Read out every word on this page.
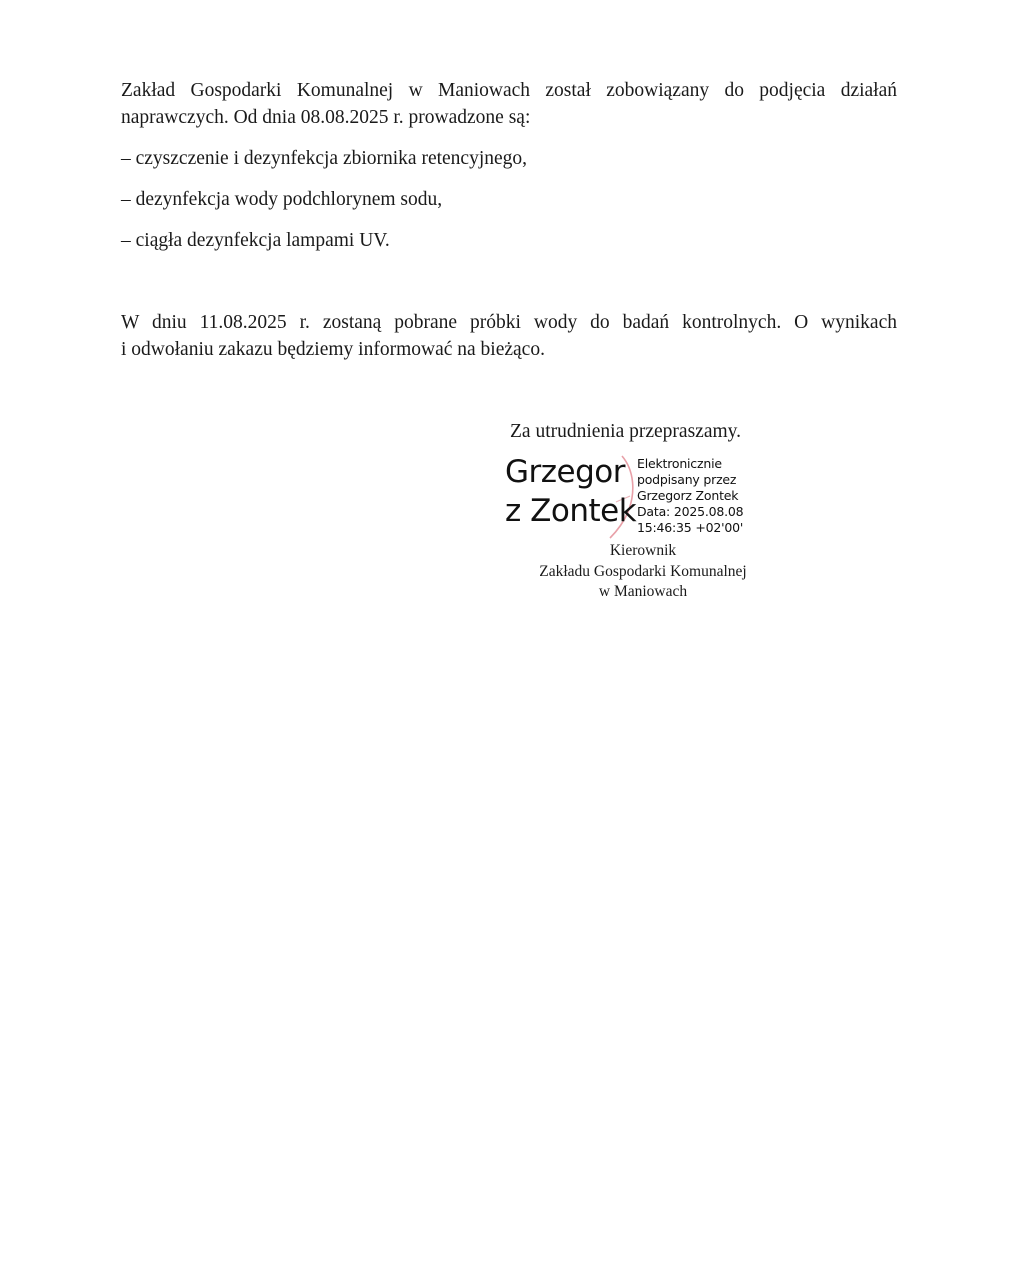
Zakład Gospodarki Komunalnej w Maniowach został zobowiązany do podjęcia działań
naprawczych. Od dnia 08.08.2025 r. prowadzone są:

– czyszczenie i dezynfekcja zbiornika retencyjnego,

– dezynfekcja wody podchlorynem sodu,

– ciągła dezynfekcja lampami UV.

W dniu 11.08.2025 r. zostaną pobrane próbki wody do badań kontrolnych. O wynikach
i odwołaniu zakazu będziemy informować na bieżąco.

Za utrudnienia przepraszamy.
Grzegor
z Zontek
Elektronicznie
podpisany przez
Grzegorz Zontek
Data: 2025.08.08
15:46:35 +02'00'
Kierownik
Zakładu Gospodarki Komunalnej
w Maniowach
